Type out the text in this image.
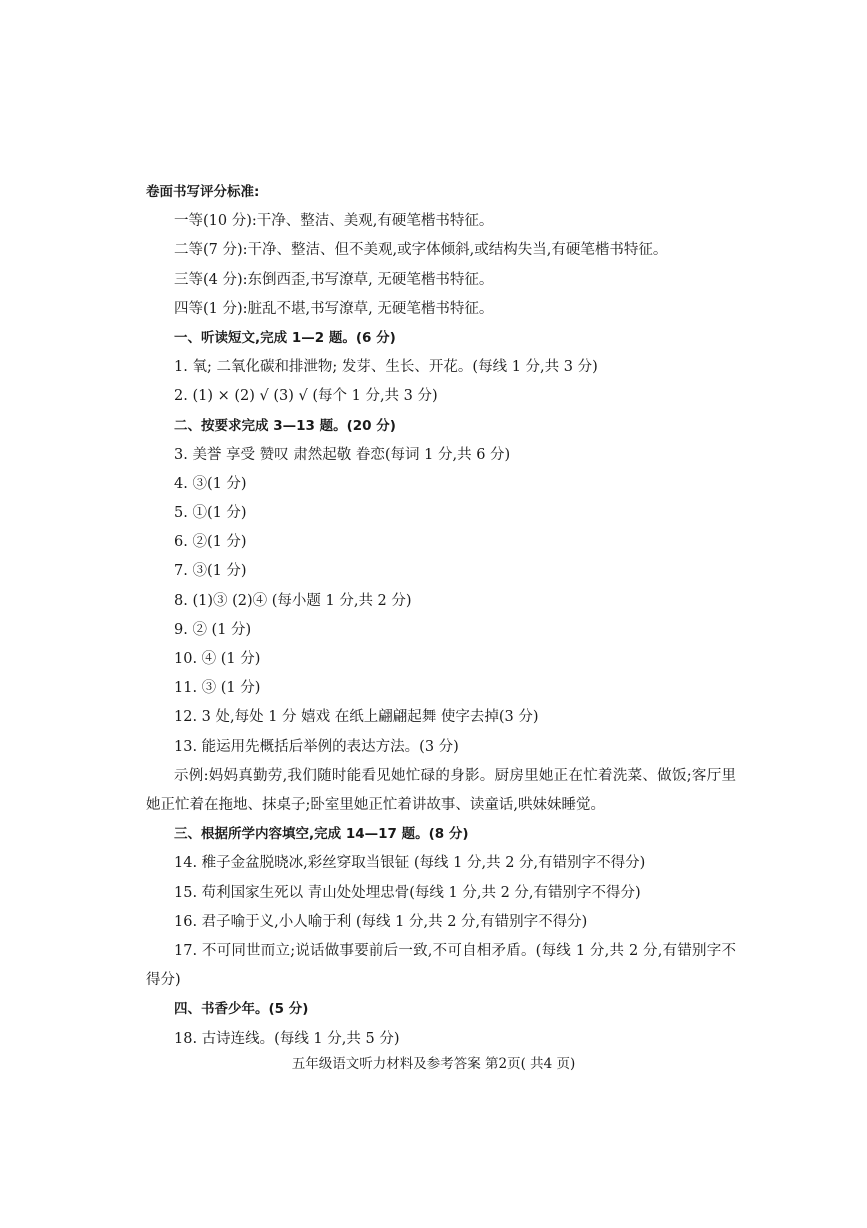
卷面书写评分标准:
一等(10 分):干净、整洁、美观,有硬笔楷书特征。
二等(7 分):干净、整洁、但不美观,或字体倾斜,或结构失当,有硬笔楷书特征。
三等(4 分):东倒西歪,书写潦草, 无硬笔楷书特征。
四等(1 分):脏乱不堪,书写潦草, 无硬笔楷书特征。
一、听读短文,完成 1—2 题。(6 分)
1. 氧; 二氧化碳和排泄物; 发芽、生长、开花。(每线 1 分,共 3 分)
2. (1) × (2) √ (3) √ (每个 1 分,共 3 分)
二、按要求完成 3—13 题。(20 分)
3. 美誉 享受 赞叹 肃然起敬 眷恋(每词 1 分,共 6 分)
4. ③(1 分)
5. ①(1 分)
6. ②(1 分)
7. ③(1 分)
8. (1)③ (2)④ (每小题 1 分,共 2 分)
9. ② (1 分)
10. ④ (1 分)
11. ③ (1 分)
12. 3 处,每处 1 分 嬉戏 在纸上翩翩起舞 使字去掉(3 分)
13. 能运用先概括后举例的表达方法。(3 分)
示例:妈妈真勤劳,我们随时能看见她忙碌的身影。厨房里她正在忙着洗菜、做饭;客厅里她正忙着在拖地、抹桌子;卧室里她正忙着讲故事、读童话,哄妹妹睡觉。
三、根据所学内容填空,完成 14—17 题。(8 分)
14. 稚子金盆脱晓冰,彩丝穿取当银钲 (每线 1 分,共 2 分,有错别字不得分)
15. 苟利国家生死以 青山处处埋忠骨(每线 1 分,共 2 分,有错别字不得分)
16. 君子喻于义,小人喻于利 (每线 1 分,共 2 分,有错别字不得分)
17. 不可同世而立;说话做事要前后一致,不可自相矛盾。(每线 1 分,共 2 分,有错别字不得分)
四、书香少年。(5 分)
18. 古诗连线。(每线 1 分,共 5 分)
五年级语文听力材料及参考答案 第2页( 共4 页)
